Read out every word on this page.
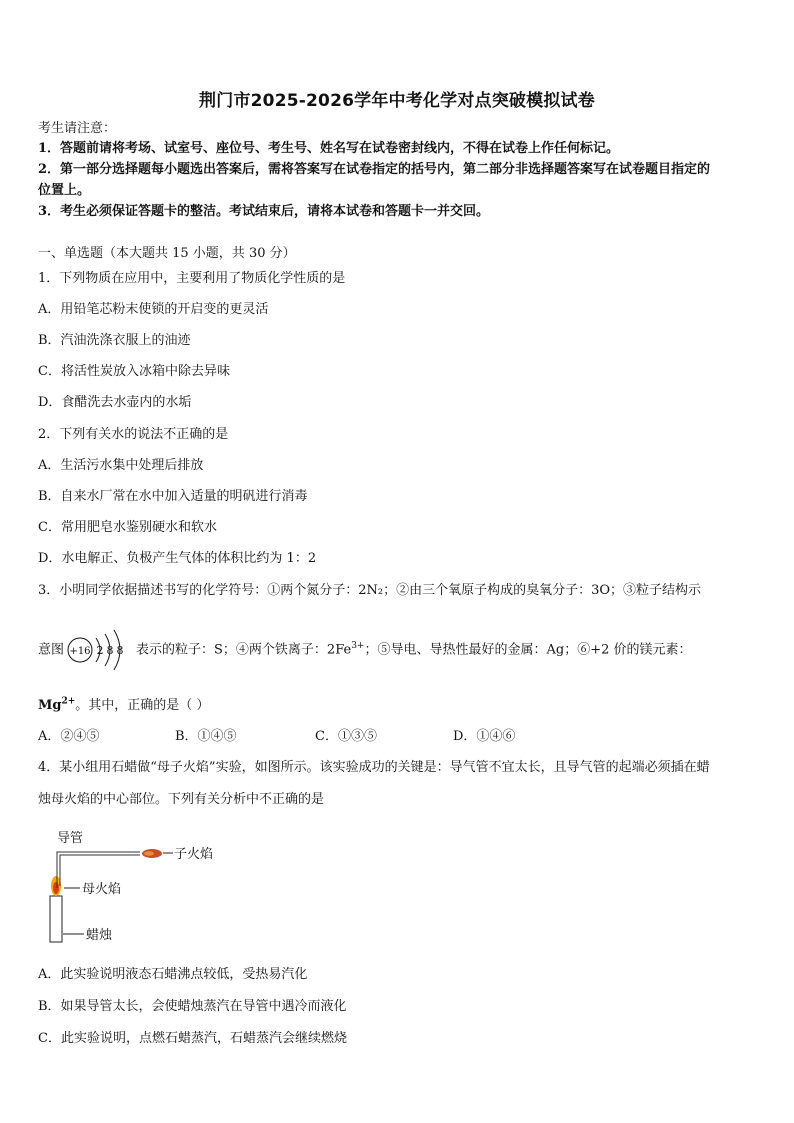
荆门市2025-2026学年中考化学对点突破模拟试卷
考生请注意：
1．答题前请将考场、试室号、座位号、考生号、姓名写在试卷密封线内，不得在试卷上作任何标记。
2．第一部分选择题每小题选出答案后，需将答案写在试卷指定的括号内，第二部分非选择题答案写在试卷题目指定的
位置上。
3．考生必须保证答题卡的整洁。考试结束后，请将本试卷和答题卡一并交回。
一、单选题（本大题共 15 小题，共 30 分）
1．下列物质在应用中，主要利用了物质化学性质的是
A．用铅笔芯粉末使锁的开启变的更灵活
B．汽油洗涤衣服上的油迹
C．将活性炭放入冰箱中除去异味
D．食醋洗去水壶内的水垢
2．下列有关水的说法不正确的是
A．生活污水集中处理后排放
B．自来水厂常在水中加入适量的明矾进行消毒
C．常用肥皂水鉴别硬水和软水
D．水电解正、负极产生气体的体积比约为 1：2
3．小明同学依据描述书写的化学符号：①两个氮分子：2N₂；②由三个氧原子构成的臭氧分子：3O；③粒子结构示
意图 +16 2 8 8 表示的粒子：S；④两个铁离子：$2Fe^{3+}$；⑤导电、导热性最好的金属：Ag；⑥+2 价的镁元素：
$Mg^{2+}$。其中，正确的是（ ）
A．②④⑤	B．①④⑤	C．①③⑤	D．①④⑥
4．某小组用石蜡做“母子火焰”实验，如图所示。该实验成功的关键是：导气管不宜太长，且导气管的起端必须插在蜡
烛母火焰的中心部位。下列有关分析中不正确的是
导管
子火焰
母火焰
蜡烛
A．此实验说明液态石蜡沸点较低，受热易汽化
B．如果导管太长，会使蜡烛蒸汽在导管中遇冷而液化
C．此实验说明，点燃石蜡蒸汽，石蜡蒸汽会继续燃烧
